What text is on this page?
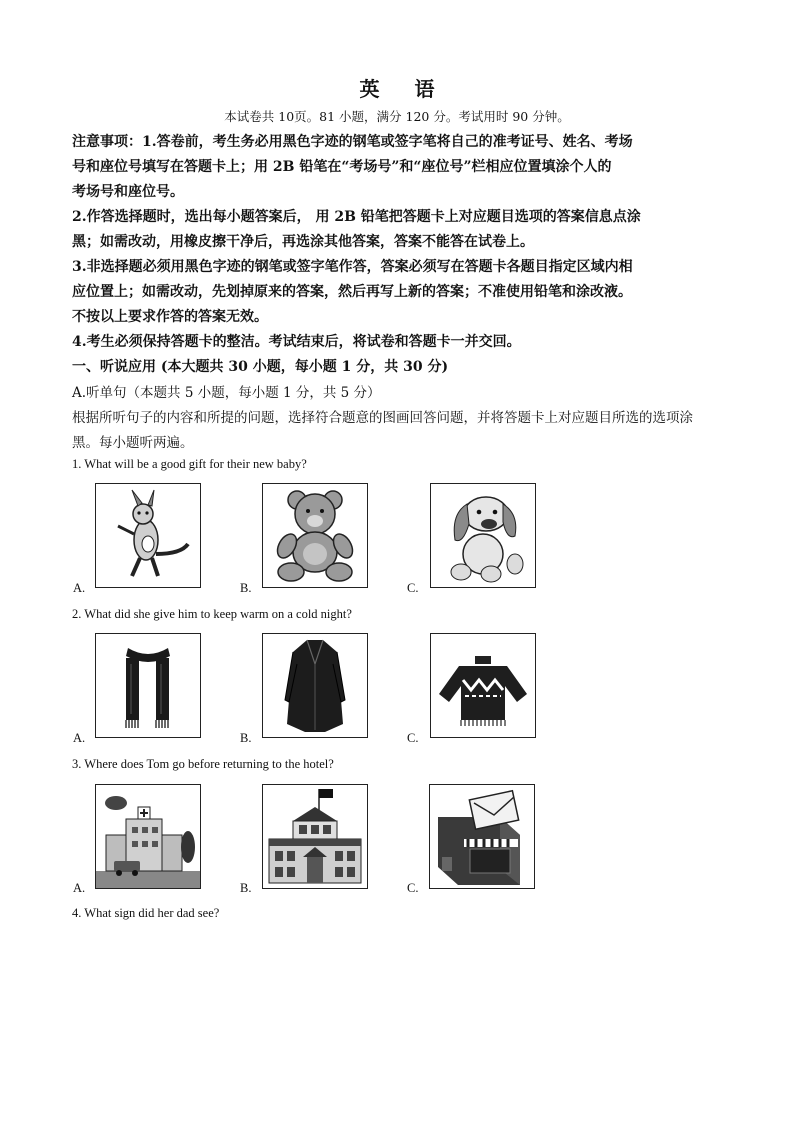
英 语
本试卷共 10页。81 小题，满分 120 分。考试用时 90 分钟。
注意事项：1.答卷前，考生务必用黑色字迹的钢笔或签字笔将自己的准考证号、姓名、考场
号和座位号填写在答题卡上；用 2B 铅笔在“考场号”和“座位号”栏相应位置填涂个人的
考场号和座位号。
2.作答选择题时，选出每小题答案后， 用 2B 铅笔把答题卡上对应题目选项的答案信息点涂
黑；如需改动，用橡皮擦干净后，再选涂其他答案，答案不能答在试卷上。
3.非选择题必须用黑色字迹的钢笔或签字笔作答，答案必须写在答题卡各题目指定区域内相
应位置上；如需改动，先划掉原来的答案，然后再写上新的答案；不准使用铅笔和涂改液。
不按以上要求作答的答案无效。
4.考生必须保持答题卡的整洁。考试结束后，将试卷和答题卡一并交回。
一、听说应用 (本大题共 30 小题，每小题 1 分，共 30 分)
A.听单句（本题共 5 小题，每小题 1 分，共 5 分）
根据所听句子的内容和所提的问题，选择符合题意的图画回答问题，并将答题卡上对应题目所选的选项涂
黑。每小题听两遍。
1. What will be a good gift for their new baby?
A.	B.	C.
2. What did she give him to keep warm on a cold night?
A.	B.	C.
3. Where does Tom go before returning to the hotel?
A.	B.	C.
4. What sign did her dad see?
